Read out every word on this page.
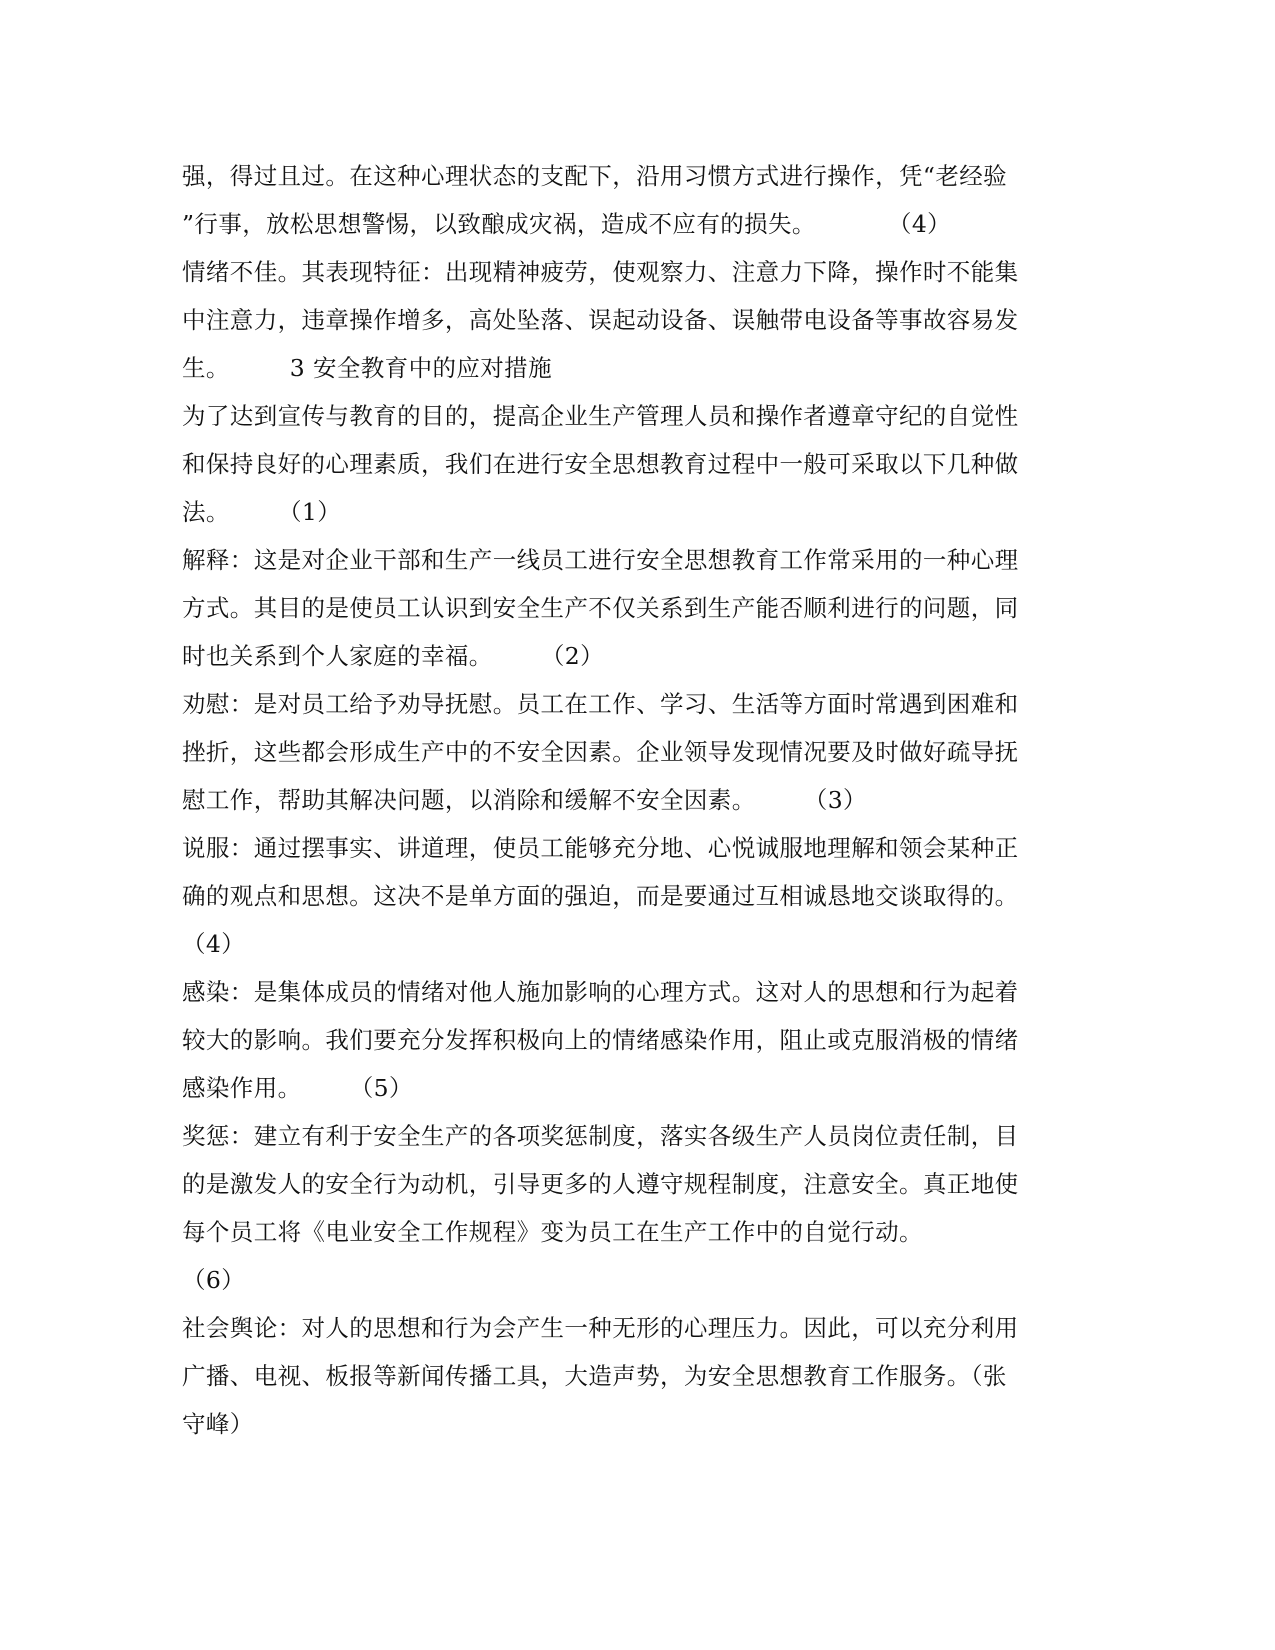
强，得过且过。在这种心理状态的支配下，沿用习惯方式进行操作，凭“老经验
”行事，放松思想警惕，以致酿成灾祸，造成不应有的损失。　　　　（4）
情绪不佳。其表现特征：出现精神疲劳，使观察力、注意力下降，操作时不能集
中注意力，违章操作增多，高处坠落、误起动设备、误触带电设备等事故容易发
生。　　　3 安全教育中的应对措施
为了达到宣传与教育的目的，提高企业生产管理人员和操作者遵章守纪的自觉性
和保持良好的心理素质，我们在进行安全思想教育过程中一般可采取以下几种做
法。　　　（1）
解释：这是对企业干部和生产一线员工进行安全思想教育工作常采用的一种心理
方式。其目的是使员工认识到安全生产不仅关系到生产能否顺利进行的问题，同
时也关系到个人家庭的幸福。　　　（2）
劝慰：是对员工给予劝导抚慰。员工在工作、学习、生活等方面时常遇到困难和
挫折，这些都会形成生产中的不安全因素。企业领导发现情况要及时做好疏导抚
慰工作，帮助其解决问题，以消除和缓解不安全因素。　　　（3）
说服：通过摆事实、讲道理，使员工能够充分地、心悦诚服地理解和领会某种正
确的观点和思想。这决不是单方面的强迫，而是要通过互相诚恳地交谈取得的。
（4）
感染：是集体成员的情绪对他人施加影响的心理方式。这对人的思想和行为起着
较大的影响。我们要充分发挥积极向上的情绪感染作用，阻止或克服消极的情绪
感染作用。　　　（5）
奖惩：建立有利于安全生产的各项奖惩制度，落实各级生产人员岗位责任制，目
的是激发人的安全行为动机，引导更多的人遵守规程制度，注意安全。真正地使
每个员工将《电业安全工作规程》变为员工在生产工作中的自觉行动。
（6）
社会舆论：对人的思想和行为会产生一种无形的心理压力。因此，可以充分利用
广播、电视、板报等新闻传播工具，大造声势，为安全思想教育工作服务。（张
守峰）
